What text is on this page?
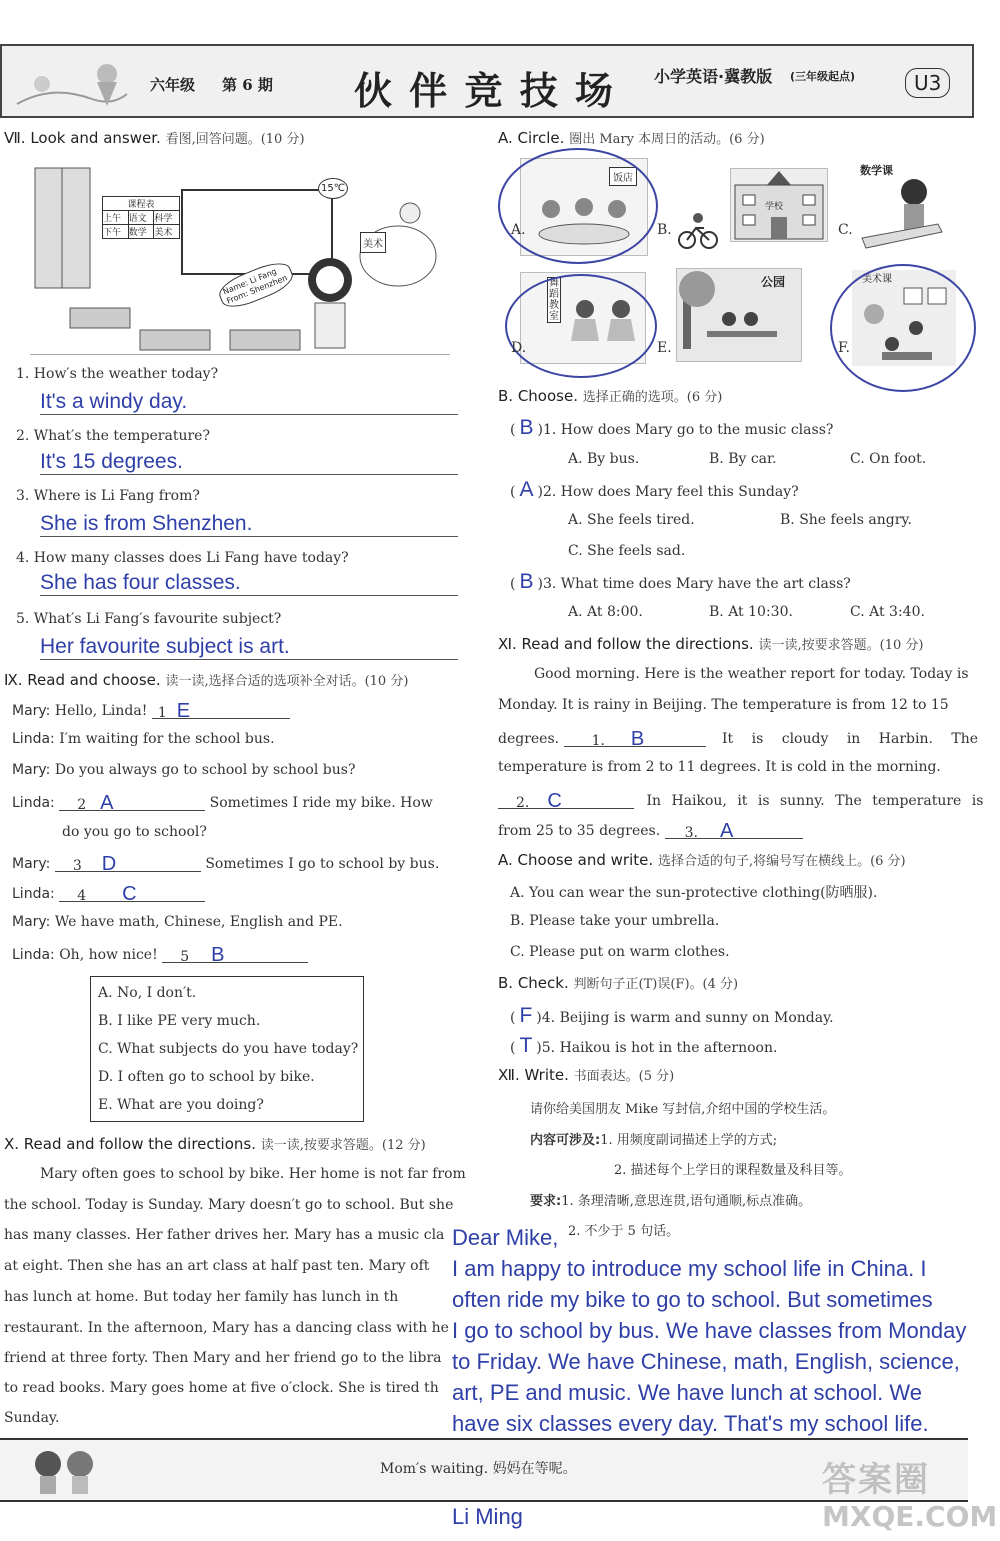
六年级 第 6 期 伙 伴 竞 技 场 小学英语·冀教版 (三年级起点)	U3
Ⅶ. Look and answer. 看图,回答问题。(10 分)
课程表
上午 语文 科学
下午 数学 美术
15℃
美术
Name: Li Fang From: Shenzhen
1. How′s the weather today?
It's a windy day.
2. What′s the temperature?
It's 15 degrees.
3. Where is Li Fang from?
She is from Shenzhen.
4. How many classes does Li Fang have today?
She has four classes.
5. What′s Li Fang′s favourite subject?
Her favourite subject is art.
Ⅸ. Read and choose. 读一读,选择合适的选项补全对话。(10 分)
Mary: Hello, Linda! 1 E
Linda: I′m waiting for the school bus.
Mary: Do you always go to school by school bus?
Linda: 2 A	Sometimes I ride my bike. How
do you go to school?
Mary: 3 D	Sometimes I go to school by bus.
Linda: 4 C
Mary: We have math, Chinese, English and PE.
Linda: Oh, how nice! 5 B
A. No, I don′t.
B. I like PE very much.
C. What subjects do you have today?
D. I often go to school by bike.
E. What are you doing?
Ⅹ. Read and follow the directions. 读一读,按要求答题。(12 分)
Mary often goes to school by bike. Her home is not far from
the school. Today is Sunday. Mary doesn′t go to school. But she
has many classes. Her father drives her. Mary has a music cla
at eight. Then she has an art class at half past ten. Mary oft
has lunch at home. But today her family has lunch in th
restaurant. In the afternoon, Mary has a dancing class with he
friend at three forty. Then Mary and her friend go to the libra
to read books. Mary goes home at five o′clock. She is tired th
Sunday.
A. Circle. 圈出 Mary 本周日的活动。(6 分)
饭店
A.	B.
学校
C.
数学课
舞蹈教室
D.	E.
公园
F.
美术课
B. Choose. 选择正确的选项。(6 分)
( B )1. How does Mary go to the music class?
A. By bus.	B. By car.	C. On foot.
( A )2. How does Mary feel this Sunday?
A. She feels tired.	B. She feels angry.
C. She feels sad.
( B )3. What time does Mary have the art class?
A. At 8:00.	B. At 10:30.	C. At 3:40.
Ⅺ. Read and follow the directions. 读一读,按要求答题。(10 分)
Good morning. Here is the weather report for today. Today is
Monday. It is rainy in Beijing. The temperature is from 12 to 15
degrees. 1. B	It is cloudy in Harbin. The
temperature is from 2 to 11 degrees. It is cold in the morning.
2. C	In Haikou, it is sunny. The temperature is
from 25 to 35 degrees. 3. A
A. Choose and write. 选择合适的句子,将编号写在横线上。(6 分)
A. You can wear the sun-protective clothing(防晒服).
B. Please take your umbrella.
C. Please put on warm clothes.
B. Check. 判断句子正(T)误(F)。(4 分)
( F )4. Beijing is warm and sunny on Monday.
( T )5. Haikou is hot in the afternoon.
Ⅻ. Write. 书面表达。(5 分)
请你给美国朋友 Mike 写封信,介绍中国的学校生活。
内容可涉及:1. 用频度副词描述上学的方式;
2. 描述每个上学日的课程数量及科目等。
要求:1. 条理清晰,意思连贯,语句通顺,标点准确。
2. 不少于 5 句话。
Dear Mike,
I am happy to introduce my school life in China. I
often ride my bike to go to school. But sometimes
I go to school by bus. We have classes from Monday
to Friday. We have Chinese, math, English, science,
art, PE and music. We have lunch at school. We
have six classes every day. That's my school life.
Li Ming
Mom′s waiting. 妈妈在等呢。	答案圈
MXQE.COM
